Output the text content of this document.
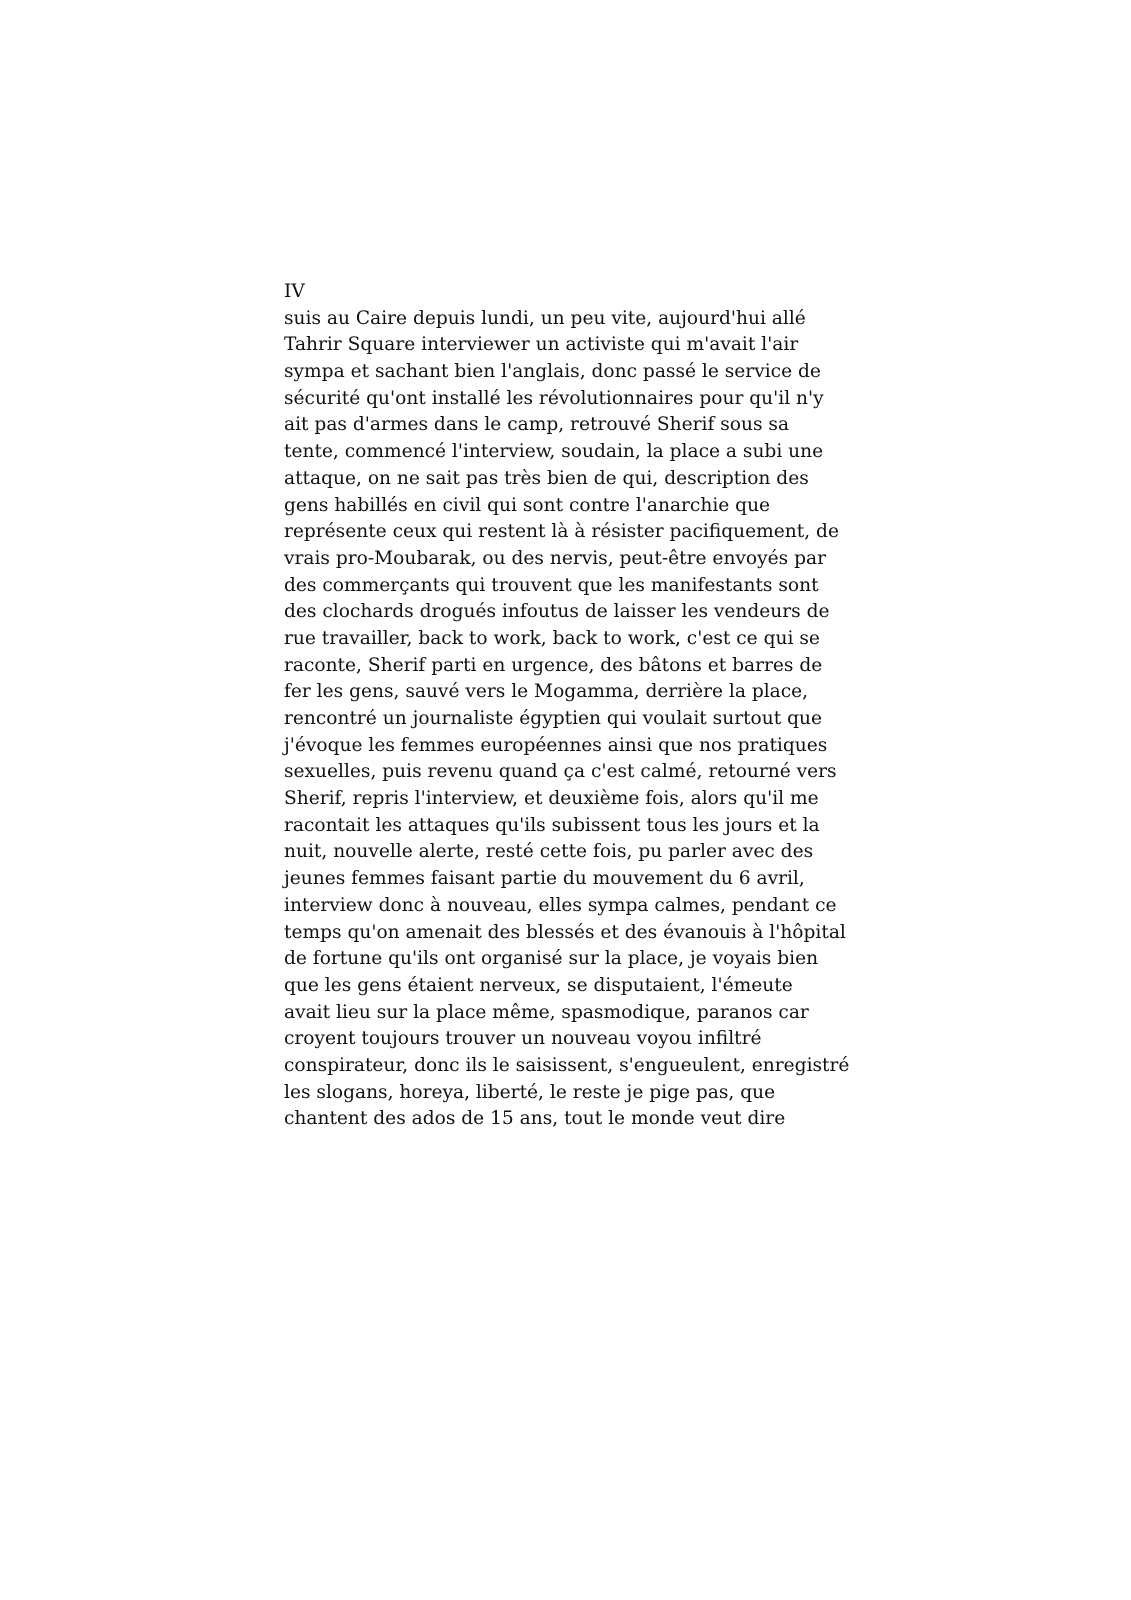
IV
suis au Caire depuis lundi, un peu vite, aujourd'hui allé
Tahrir Square interviewer un activiste qui m'avait l'air
sympa et sachant bien l'anglais, donc passé le service de
sécurité qu'ont installé les révolutionnaires pour qu'il n'y
ait pas d'armes dans le camp, retrouvé Sherif sous sa
tente, commencé l'interview, soudain, la place a subi une
attaque, on ne sait pas très bien de qui, description des
gens habillés en civil qui sont contre l'anarchie que
représente ceux qui restent là à résister pacifiquement, de
vrais pro-Moubarak, ou des nervis, peut-être envoyés par
des commerçants qui trouvent que les manifestants sont
des clochards drogués infoutus de laisser les vendeurs de
rue travailler, back to work, back to work, c'est ce qui se
raconte, Sherif parti en urgence, des bâtons et barres de
fer les gens, sauvé vers le Mogamma, derrière la place,
rencontré un journaliste égyptien qui voulait surtout que
j'évoque les femmes européennes ainsi que nos pratiques
sexuelles, puis revenu quand ça c'est calmé, retourné vers
Sherif, repris l'interview, et deuxième fois, alors qu'il me
racontait les attaques qu'ils subissent tous les jours et la
nuit, nouvelle alerte, resté cette fois, pu parler avec des
jeunes femmes faisant partie du mouvement du 6 avril,
interview donc à nouveau, elles sympa calmes, pendant ce
temps qu'on amenait des blessés et des évanouis à l'hôpital
de fortune qu'ils ont organisé sur la place, je voyais bien
que les gens étaient nerveux, se disputaient, l'émeute
avait lieu sur la place même, spasmodique, paranos car
croyent toujours trouver un nouveau voyou infiltré
conspirateur, donc ils le saisissent, s'engueulent, enregistré
les slogans, horeya, liberté, le reste je pige pas, que
chantent des ados de 15 ans, tout le monde veut dire
